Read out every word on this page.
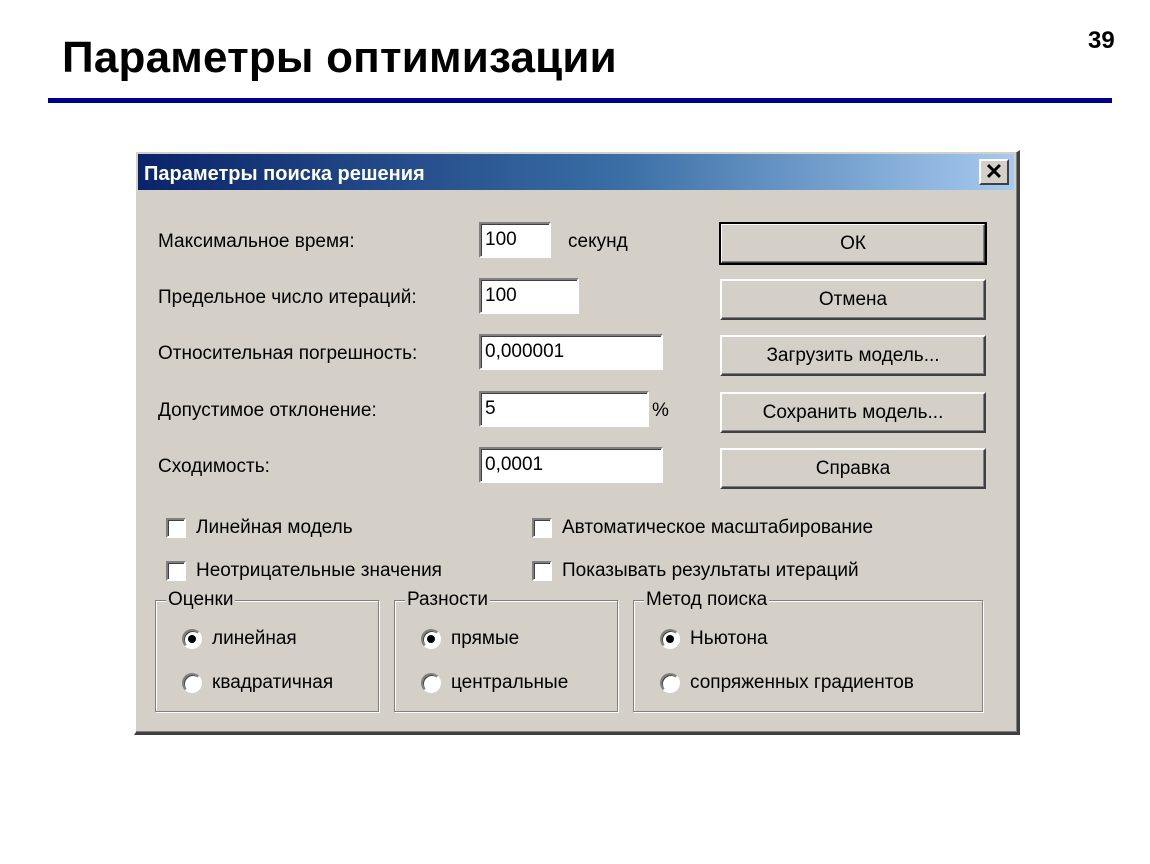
Параметры оптимизации	39
Параметры поиска решения	✕
Максимальное время:	100	секунд
Предельное число итераций:	100
Относительная погрешность:	0,000001
Допустимое отклонение:	5	%
Сходимость:	0,0001
ОК
Отмена
Загрузить модель...
Сохранить модель...
Справка
Линейная модель
Неотрицательные значения
Автоматическое масштабирование
Показывать результаты итераций
Оценки
линейная
квадратичная
Разности
прямые
центральные
Метод поиска
Ньютона
сопряженных градиентов
